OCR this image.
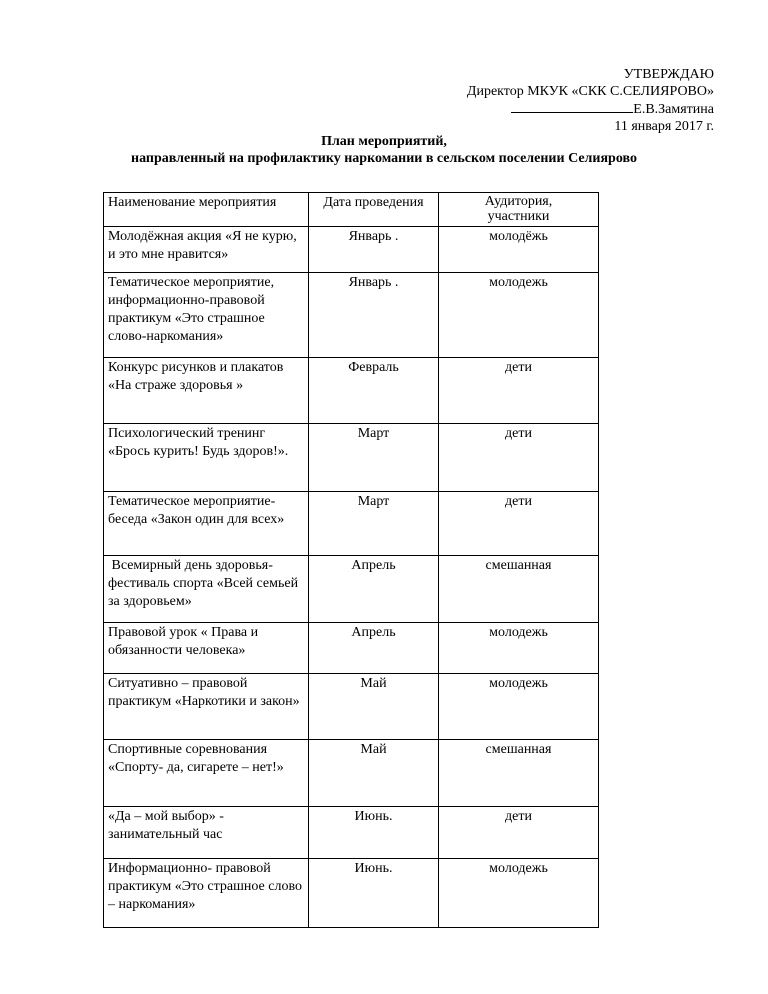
УТВЕРЖДАЮ
Директор МКУК «СКК С.СЕЛИЯРОВО»
Е.В.Замятина
11 января 2017 г.
План мероприятий,
направленный на профилактику наркомании в сельском поселении Селиярово
Наименование мероприятия	Дата проведения	Аудитория,
участники

Молодёжная акция «Я не курю, и это мне нравится»	Январь .	молодёжь
Тематическое мероприятие, информационно-правовой практикум «Это страшное слово-наркомания»	Январь .	молодежь
Конкурс рисунков и плакатов «На страже здоровья »	Февраль	дети
Психологический тренинг «Брось курить! Будь здоров!».	Март	дети
Тематическое мероприятие-беседа «Закон один для всех»	Март	дети
Всемирный день здоровья- фестиваль спорта «Всей семьей за здоровьем»	Апрель	смешанная
Правовой урок « Права и обязанности человека»	Апрель	молодежь
Ситуативно – правовой практикум «Наркотики и закон»	Май	молодежь
Спортивные соревнования «Спорту- да, сигарете – нет!»	Май	смешанная
«Да – мой выбор» - занимательный час	Июнь.	дети
Информационно- правовой практикум «Это страшное слово – наркомания»	Июнь.	молодежь
